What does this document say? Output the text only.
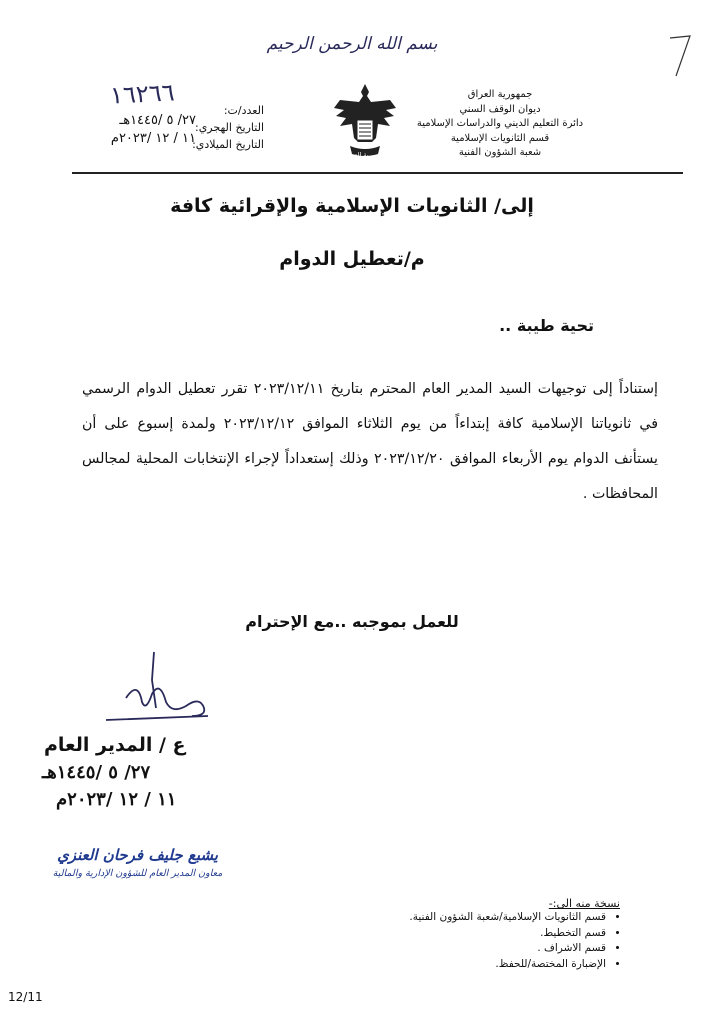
بسم الله الرحمن الرحيم
جمهورية العراق
ديوان الوقف السني
دائرة التعليم الديني والدراسات الإسلامية
قسم الثانويات الإسلامية
شعبة الشؤون الفنية
جمهورية العراق
العدد/ت:
التاريخ الهجري:
التاريخ الميلادي:
١٦٢٦٦
٢٧/ ٥ /١٤٤٥هـ
١١ / ١٢ /٢٠٢٣م
إلى/ الثانويات الإسلامية والإقرائية كافة
م/تعطيل الدوام
تحية طيبة ..
إستناداً إلى توجيهات السيد المدير العام المحترم بتاريخ ٢٠٢٣/١٢/١١ تقرر تعطيل الدوام الرسمي في ثانوياتنا الإسلامية كافة إبتداءاً من يوم الثلاثاء الموافق ٢٠٢٣/١٢/١٢ ولمدة إسبوع على أن يستأنف الدوام يوم الأربعاء الموافق ٢٠٢٣/١٢/٢٠ وذلك إستعداداً لإجراء الإنتخابات المحلية لمجالس المحافظات .
للعمل بموجبه ..مع الإحترام
ع / المدير العام
٢٧/ ٥ /١٤٤٥هـ
١١ / ١٢ /٢٠٢٣م
يشبع جليف فرحان العنزي
معاون المدير العام للشؤون الإدارية والمالية
نسخة منه الى:-
• قسم الثانويات الإسلامية/شعبة الشؤون الفنية.
• قسم التخطيط.
• قسم الاشراف .
• الإضبارة المختصة/للحفظ.
12/11
